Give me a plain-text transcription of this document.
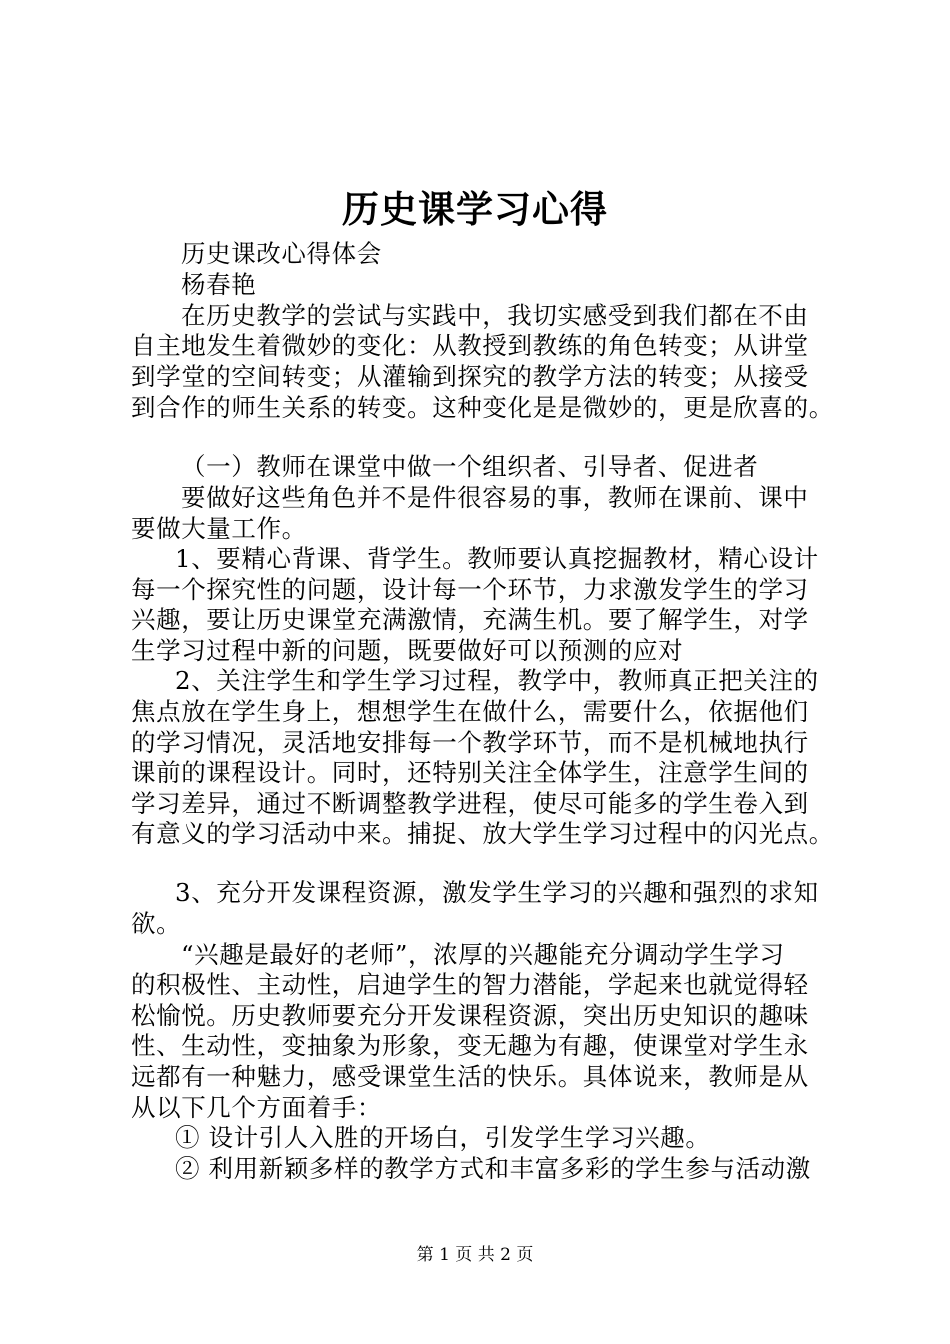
历史课学习心得
历史课改心得体会
杨春艳
在历史教学的尝试与实践中，我切实感受到我们都在不由
自主地发生着微妙的变化：从教授到教练的角色转变；从讲堂
到学堂的空间转变；从灌输到探究的教学方法的转变；从接受
到合作的师生关系的转变。这种变化是是微妙的，更是欣喜的。
（一）教师在课堂中做一个组织者、引导者、促进者
要做好这些角色并不是件很容易的事，教师在课前、课中
要做大量工作。
1、要精心背课、背学生。教师要认真挖掘教材，精心设计
每一个探究性的问题，设计每一个环节，力求激发学生的学习
兴趣，要让历史课堂充满激情，充满生机。要了解学生，对学
生学习过程中新的问题，既要做好可以预测的应对
2、关注学生和学生学习过程，教学中，教师真正把关注的
焦点放在学生身上，想想学生在做什么，需要什么，依据他们
的学习情况，灵活地安排每一个教学环节，而不是机械地执行
课前的课程设计。同时，还特别关注全体学生，注意学生间的
学习差异，通过不断调整教学进程，使尽可能多的学生卷入到
有意义的学习活动中来。捕捉、放大学生学习过程中的闪光点。
3、充分开发课程资源，激发学生学习的兴趣和强烈的求知
欲。
“兴趣是最好的老师”，浓厚的兴趣能充分调动学生学习
的积极性、主动性，启迪学生的智力潜能，学起来也就觉得轻
松愉悦。历史教师要充分开发课程资源，突出历史知识的趣味
性、生动性，变抽象为形象，变无趣为有趣，使课堂对学生永
远都有一种魅力，感受课堂生活的快乐。具体说来，教师是从
从以下几个方面着手：
① 设计引人入胜的开场白，引发学生学习兴趣。
② 利用新颖多样的教学方式和丰富多彩的学生参与活动激
第 1 页 共 2 页
